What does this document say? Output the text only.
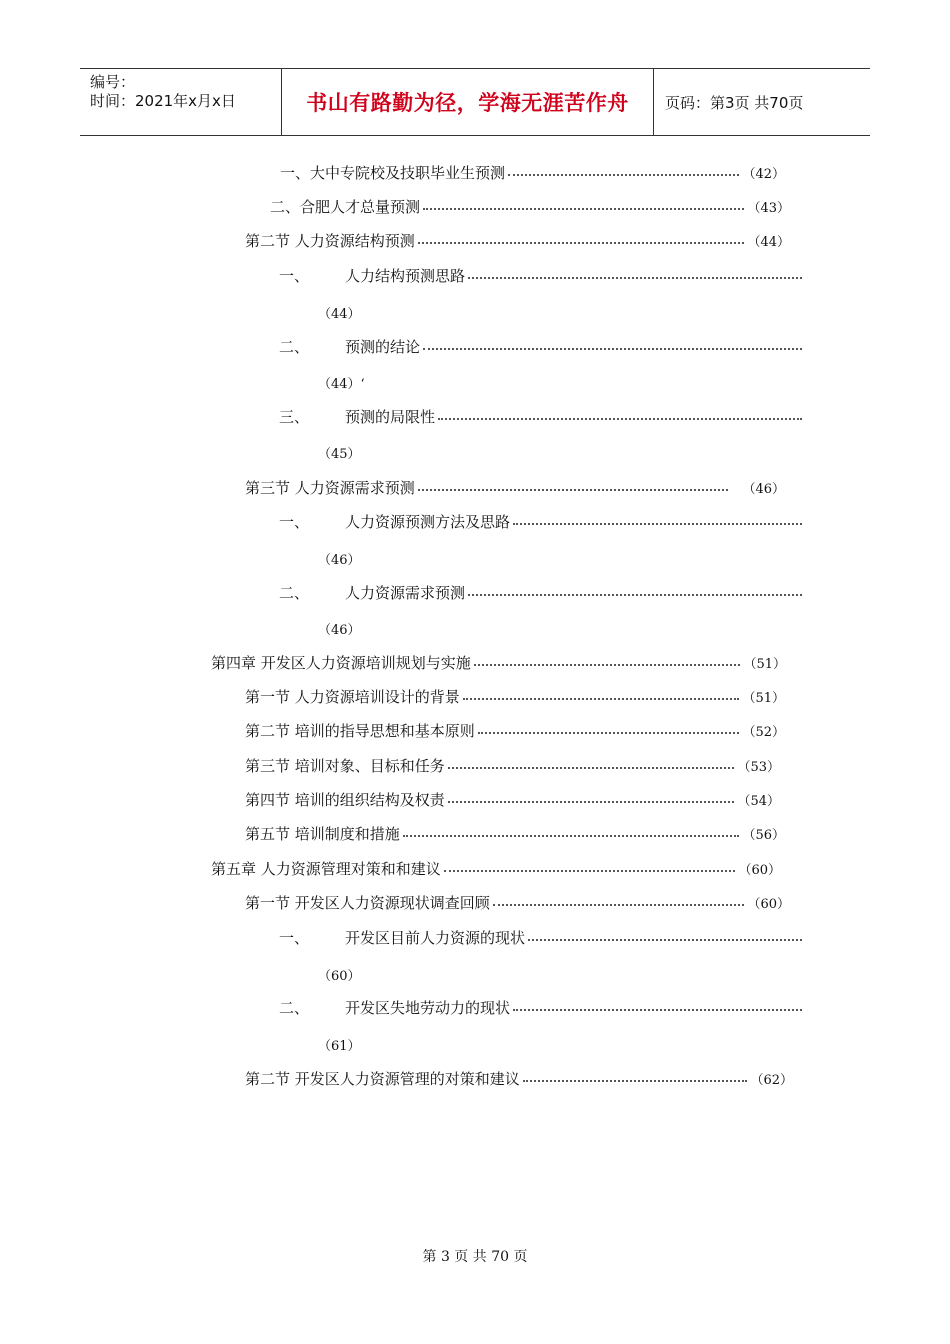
编号：
时间：2021年x月x日	书山有路勤为径，学海无涯苦作舟	页码：第3页 共70页
一、大中专院校及技职毕业生预测	（42）
二、合肥人才总量预测	（43）
第二节 人力资源结构预测	（44）
一、 人力结构预测思路
（44）
二、 预测的结论
（44）‘
三、 预测的局限性
（45）
第三节 人力资源需求预测	（46）
一、 人力资源预测方法及思路
（46）
二、 人力资源需求预测
（46）
第四章 开发区人力资源培训规划与实施	（51）
第一节 人力资源培训设计的背景	（51）
第二节 培训的指导思想和基本原则	（52）
第三节 培训对象、目标和任务	（53）
第四节 培训的组织结构及权责	（54）
第五节 培训制度和措施	（56）
第五章 人力资源管理对策和和建议	（60）
第一节 开发区人力资源现状调查回顾	（60）
一、 开发区目前人力资源的现状
（60）
二、 开发区失地劳动力的现状
（61）
第二节 开发区人力资源管理的对策和建议	（62）
第 3 页 共 70 页
